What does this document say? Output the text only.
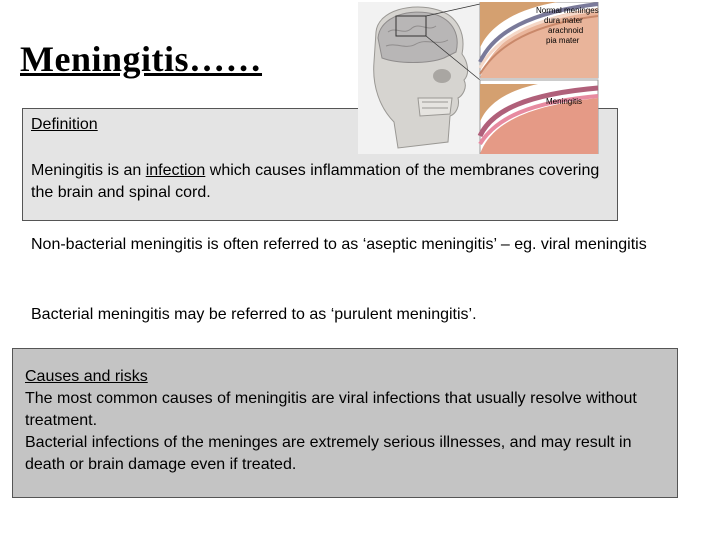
Meningitis……
Normal meninges
dura mater
arachnoid
pia mater
Meningitis
Definition
Meningitis is an infection which causes inflammation of the membranes covering the brain and spinal cord.
Non-bacterial meningitis is often referred to as ‘aseptic meningitis’ – eg. viral meningitis
Bacterial meningitis may be referred to as ‘purulent meningitis’.
Causes and risks
The most common causes of meningitis are viral infections that usually resolve without treatment.
Bacterial infections of the meninges are extremely serious illnesses, and may result in death or brain damage even if treated.
